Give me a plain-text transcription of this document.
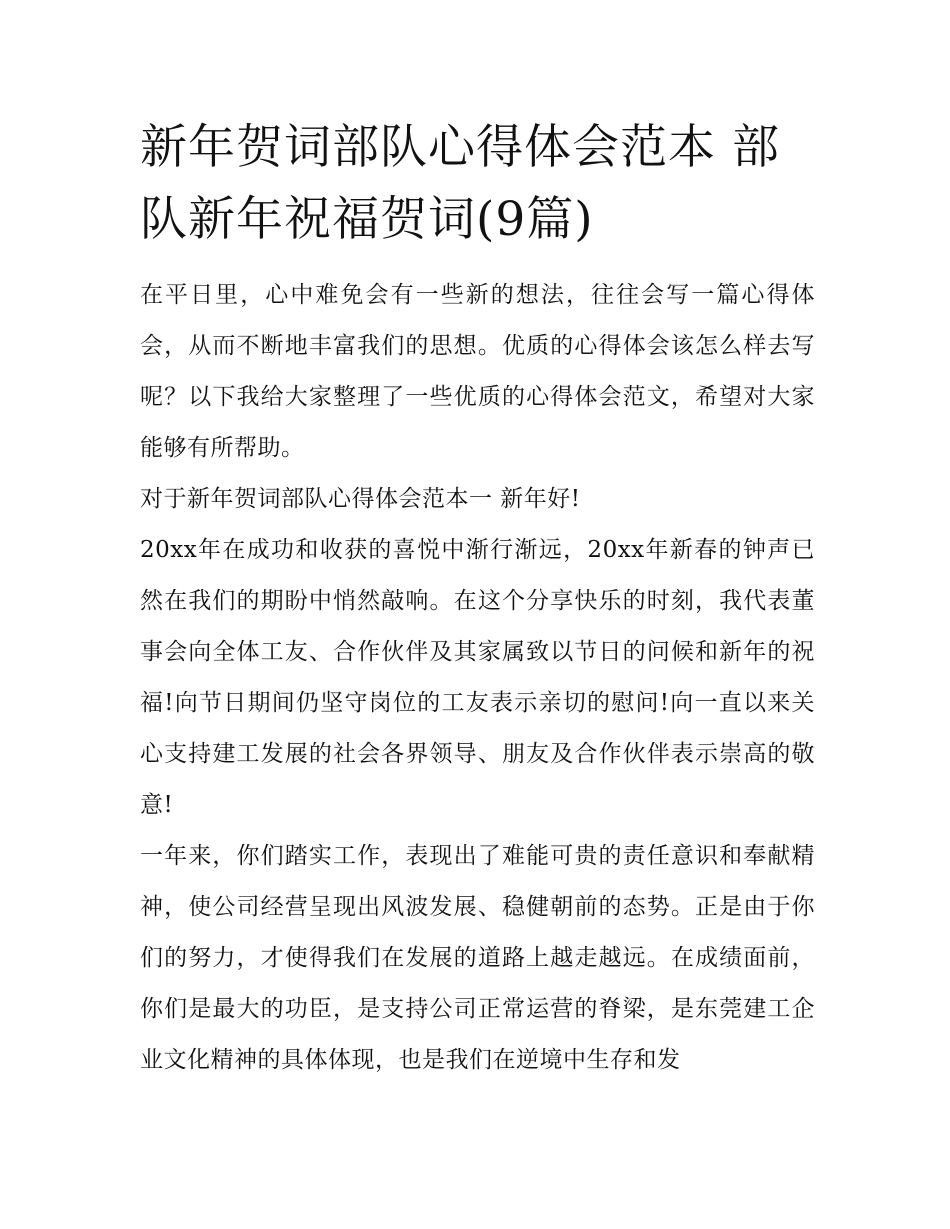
新年贺词部队心得体会范本 部队新年祝福贺词(9篇)

在平日里，心中难免会有一些新的想法，往往会写一篇心得体会，从而不断地丰富我们的思想。优质的心得体会该怎么样去写呢？以下我给大家整理了一些优质的心得体会范文，希望对大家能够有所帮助。

对于新年贺词部队心得体会范本一 新年好!

20xx年在成功和收获的喜悦中渐行渐远，20xx年新春的钟声已然在我们的期盼中悄然敲响。在这个分享快乐的时刻，我代表董事会向全体工友、合作伙伴及其家属致以节日的问候和新年的祝福!向节日期间仍坚守岗位的工友表示亲切的慰问!向一直以来关心支持建工发展的社会各界领导、朋友及合作伙伴表示崇高的敬意!

一年来，你们踏实工作，表现出了难能可贵的责任意识和奉献精神，使公司经营呈现出风波发展、稳健朝前的态势。正是由于你们的努力，才使得我们在发展的道路上越走越远。在成绩面前，你们是最大的功臣，是支持公司正常运营的脊梁，是东莞建工企业文化精神的具体体现，也是我们在逆境中生存和发
